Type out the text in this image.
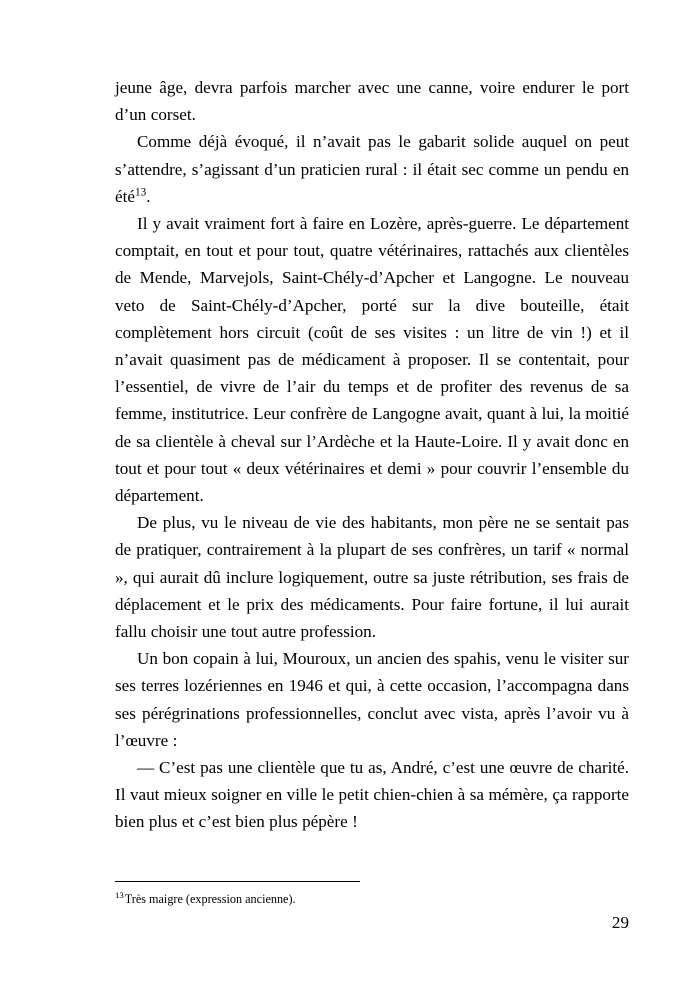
jeune âge, devra parfois marcher avec une canne, voire endurer le port d’un corset.

Comme déjà évoqué, il n’avait pas le gabarit solide auquel on peut s’attendre, s’agissant d’un praticien rural : il était sec comme un pendu en été$^{13}$.

Il y avait vraiment fort à faire en Lozère, après-guerre. Le département comptait, en tout et pour tout, quatre vétérinaires, rattachés aux clientèles de Mende, Marvejols, Saint-Chély-d’Apcher et Langogne. Le nouveau veto de Saint-Chély-d’Apcher, porté sur la dive bouteille, était complètement hors circuit (coût de ses visites : un litre de vin !) et il n’avait quasiment pas de médicament à proposer. Il se contentait, pour l’essentiel, de vivre de l’air du temps et de profiter des revenus de sa femme, institutrice. Leur confrère de Langogne avait, quant à lui, la moitié de sa clientèle à cheval sur l’Ardèche et la Haute-Loire. Il y avait donc en tout et pour tout « deux vétérinaires et demi » pour couvrir l’ensemble du département.

De plus, vu le niveau de vie des habitants, mon père ne se sentait pas de pratiquer, contrairement à la plupart de ses confrères, un tarif « normal », qui aurait dû inclure logiquement, outre sa juste rétribution, ses frais de déplacement et le prix des médicaments. Pour faire fortune, il lui aurait fallu choisir une tout autre profession.

Un bon copain à lui, Mouroux, un ancien des spahis, venu le visiter sur ses terres lozériennes en 1946 et qui, à cette occasion, l’accompagna dans ses pérégrinations professionnelles, conclut avec vista, après l’avoir vu à l’œuvre :

— C’est pas une clientèle que tu as, André, c’est une œuvre de charité. Il vaut mieux soigner en ville le petit chien-chien à sa mémère, ça rapporte bien plus et c’est bien plus pépère !

$^{13}$Très maigre (expression ancienne).

29
